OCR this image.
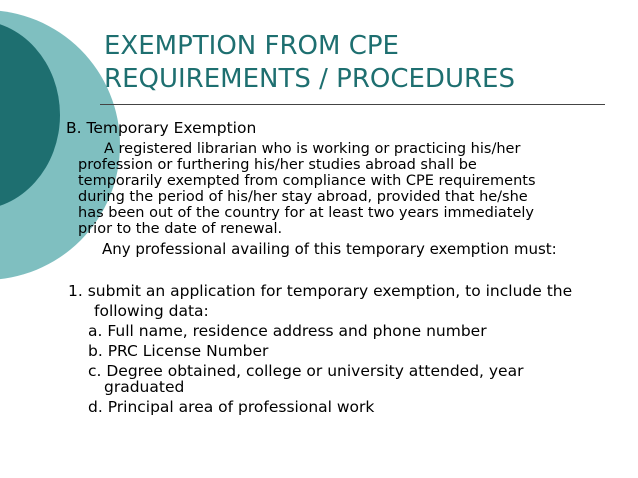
EXEMPTION FROM CPE
REQUIREMENTS / PROCEDURES
B. Temporary Exemption
A registered librarian who is working or practicing his/her
profession or furthering his/her studies abroad shall be
temporarily exempted from compliance with CPE requirements
during the period of his/her stay abroad, provided that he/she
has been out of the country for at least two years immediately
prior to the date of renewal.
Any professional availing of this temporary exemption must:
1. submit an application for temporary exemption, to include the
following data:
a. Full name, residence address and phone number
b. PRC License Number
c. Degree obtained, college or university attended, year
graduated
d. Principal area of professional work
